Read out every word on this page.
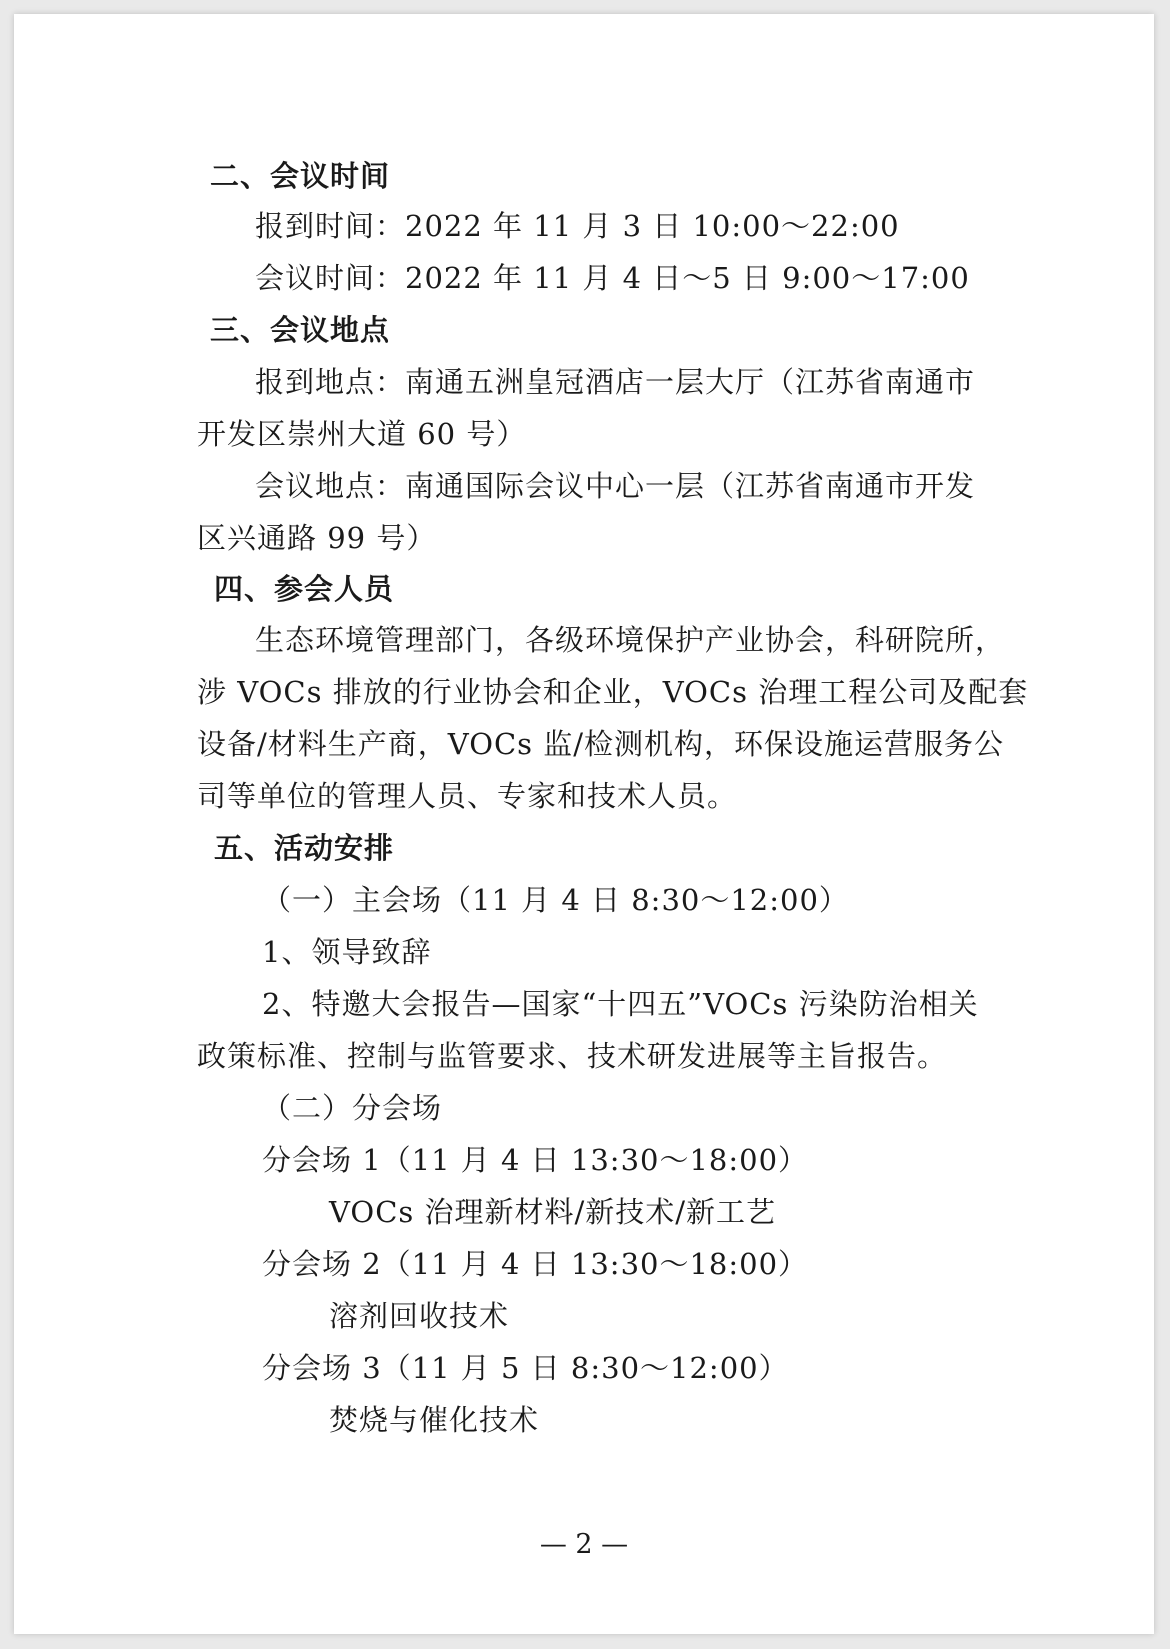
二、会议时间
报到时间：2022 年 11 月 3 日 10:00～22:00
会议时间：2022 年 11 月 4 日～5 日 9:00～17:00
三、会议地点
报到地点：南通五洲皇冠酒店一层大厅（江苏省南通市
开发区崇州大道 60 号）
会议地点：南通国际会议中心一层（江苏省南通市开发
区兴通路 99 号）
四、参会人员
生态环境管理部门，各级环境保护产业协会，科研院所，
涉 VOCs 排放的行业协会和企业，VOCs 治理工程公司及配套
设备/材料生产商，VOCs 监/检测机构，环保设施运营服务公
司等单位的管理人员、专家和技术人员。
五、活动安排
（一）主会场（11 月 4 日 8:30～12:00）
1、领导致辞
2、特邀大会报告—国家“十四五”VOCs 污染防治相关
政策标准、控制与监管要求、技术研发进展等主旨报告。
（二）分会场
分会场 1（11 月 4 日 13:30～18:00）
VOCs 治理新材料/新技术/新工艺
分会场 2（11 月 4 日 13:30～18:00）
溶剂回收技术
分会场 3（11 月 5 日 8:30～12:00）
焚烧与催化技术
— 2 —
